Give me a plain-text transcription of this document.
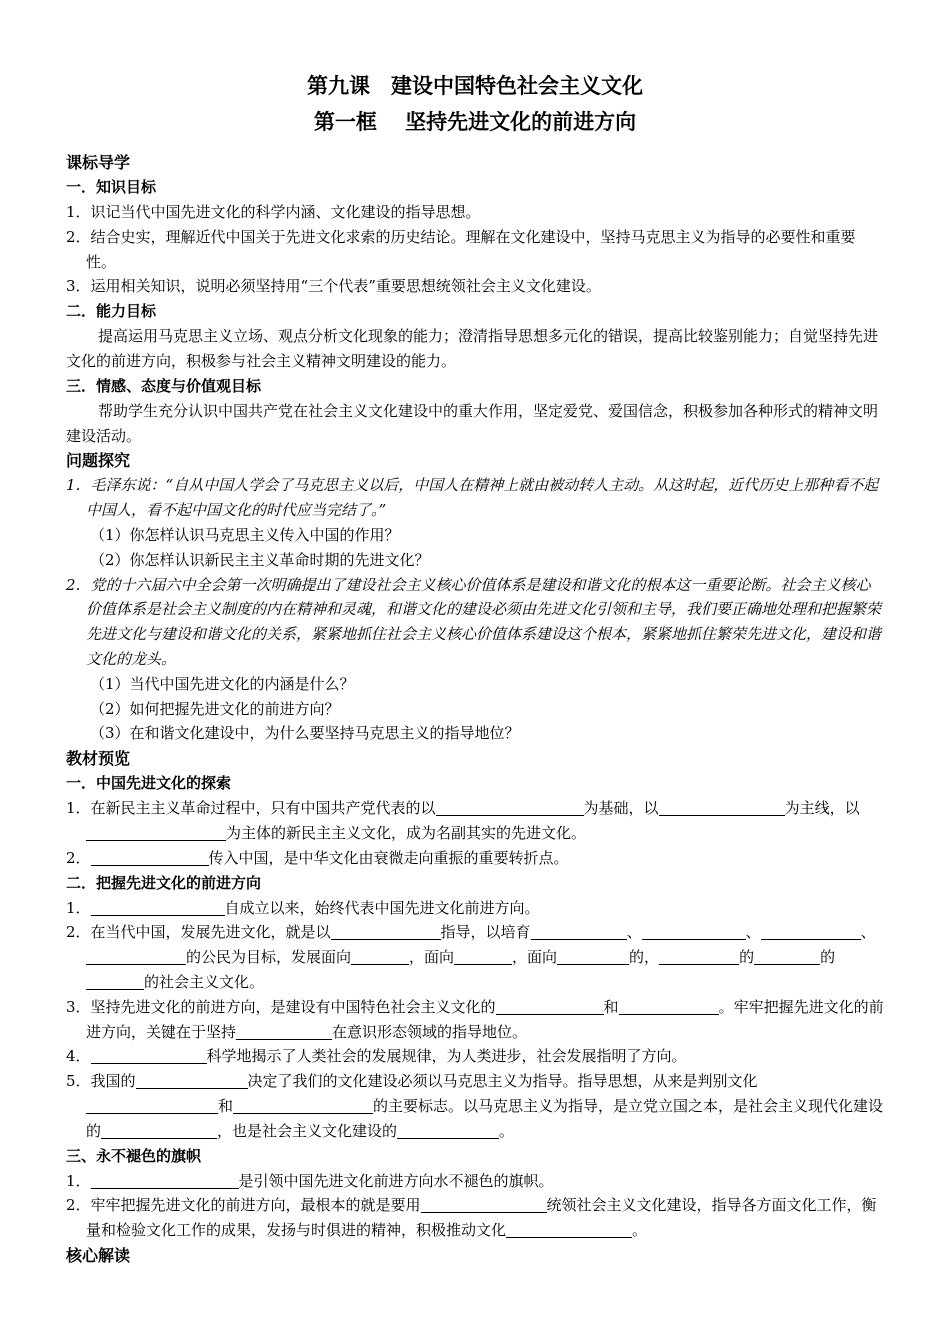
第九课　建设中国特色社会主义文化
第一框　 坚持先进文化的前进方向
课标导学
一．知识目标
1．识记当代中国先进文化的科学内涵、文化建设的指导思想。
2．结合史实，理解近代中国关于先进文化求索的历史结论。理解在文化建设中，坚持马克思主义为指导的必要性和重要性。
3．运用相关知识，说明必须坚持用“三个代表”重要思想统领社会主义文化建设。
二．能力目标
提高运用马克思主义立场、观点分析文化现象的能力；澄清指导思想多元化的错误，提高比较鉴别能力；自觉坚持先进文化的前进方向，积极参与社会主义精神文明建设的能力。
三．情感、态度与价值观目标
帮助学生充分认识中国共产党在社会主义文化建设中的重大作用，坚定爱党、爱国信念，积极参加各种形式的精神文明建设活动。
问题探究
1．毛泽东说：“自从中国人学会了马克思主义以后，中国人在精神上就由被动转人主动。从这时起，近代历史上那种看不起中国人，看不起中国文化的时代应当完结了。”
（1）你怎样认识马克思主义传入中国的作用？
（2）你怎样认识新民主主义革命时期的先进文化？
2．党的十六届六中全会第一次明确提出了建设社会主义核心价值体系是建设和谐文化的根本这一重要论断。社会主义核心价值体系是社会主义制度的内在精神和灵魂，和谐文化的建设必须由先进文化引领和主导，我们要正确地处理和把握繁荣先进文化与建设和谐文化的关系，紧紧地抓住社会主义核心价值体系建设这个根本，紧紧地抓住繁荣先进文化，建设和谐文化的龙头。
（1）当代中国先进文化的内涵是什么？
（2）如何把握先进文化的前进方向？
（3）在和谐文化建设中，为什么要坚持马克思主义的指导地位？
教材预览
一．中国先进文化的探索
1．在新民主主义革命过程中，只有中国共产党代表的以	为基础，以	为主线，以为主体的新民主主义文化，成为名副其实的先进文化。
2．	传入中国，是中华文化由衰微走向重振的重要转折点。
二．把握先进文化的前进方向
1．	自成立以来，始终代表中国先进文化前进方向。
2．在当代中国，发展先进文化，就是以	指导，以培育	、	、	、的公民为目标，发展面向	，面向	，面向	的，	的	的的社会主义文化。
3．坚持先进文化的前进方向，是建设有中国特色社会主义文化的	和	。牢牢把握先进文化的前进方向，关键在于坚持	在意识形态领域的指导地位。
4．	科学地揭示了人类社会的发展规律，为人类进步，社会发展指明了方向。
5．我国的	决定了我们的文化建设必须以马克思主义为指导。指导思想，从来是判别文化和	的主要标志。以马克思主义为指导，是立党立国之本，是社会主义现代化建设的	，也是社会主义文化建设的	。
三、永不褪色的旗帜
1．	是引领中国先进文化前进方向水不褪色的旗帜。
2．牢牢把握先进文化的前进方向，最根本的就是要用	统领社会主义文化建设，指导各方面文化工作，衡量和检验文化工作的成果，发扬与时俱进的精神，积极推动文化	。
核心解读
